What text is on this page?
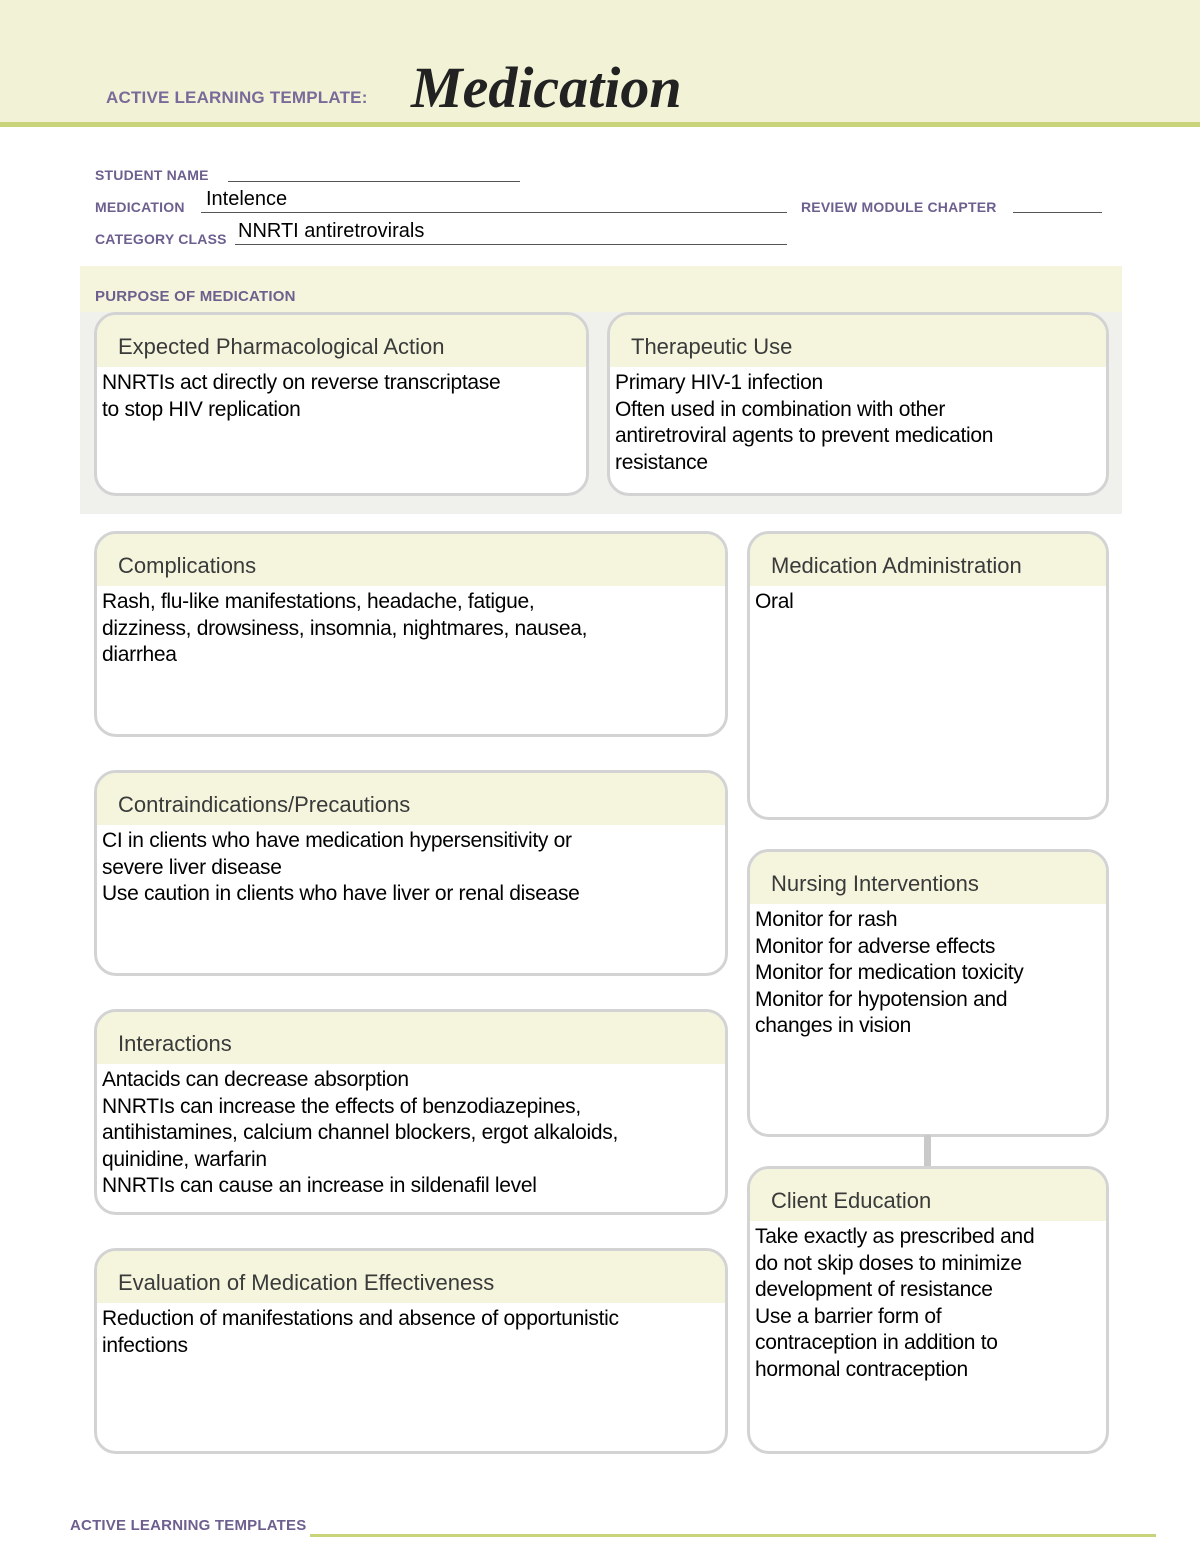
ACTIVE LEARNING TEMPLATE: Medication
STUDENT NAME
MEDICATION Intelence	REVIEW MODULE CHAPTER
CATEGORY CLASS NNRTI antiretrovirals
PURPOSE OF MEDICATION
Expected Pharmacological Action
NNRTIs act directly on reverse transcriptase
to stop HIV replication
Therapeutic Use
Primary HIV-1 infection
Often used in combination with other
antiretroviral agents to prevent medication
resistance
Complications
Rash, flu-like manifestations, headache, fatigue,
dizziness, drowsiness, insomnia, nightmares, nausea,
diarrhea
Medication Administration
Oral
Contraindications/Precautions
CI in clients who have medication hypersensitivity or
severe liver disease
Use caution in clients who have liver or renal disease	Nursing Interventions
Monitor for rash
Monitor for adverse effects
Monitor for medication toxicity
Monitor for hypotension and
changes in vision
Interactions
Antacids can decrease absorption
NNRTIs can increase the effects of benzodiazepines,
antihistamines, calcium channel blockers, ergot alkaloids,
quinidine, warfarin
NNRTIs can cause an increase in sildenafil level
Client Education
Take exactly as prescribed and
do not skip doses to minimize
development of resistance
Use a barrier form of
contraception in addition to
hormonal contraception
Evaluation of Medication Effectiveness
Reduction of manifestations and absence of opportunistic
infections
ACTIVE LEARNING TEMPLATES
